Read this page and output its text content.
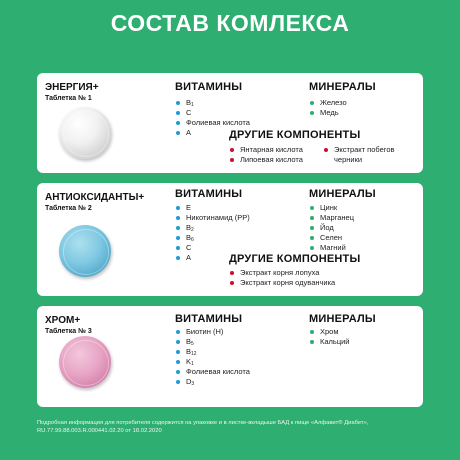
СОСТАВ КОМЛЕКСА
ЭНЕРГИЯ+
Таблетка № 1
ВИТАМИНЫ
$B_1$
C
Фолиевая кислота
A
МИНЕРАЛЫ
Железо
Медь
ДРУГИЕ КОМПОНЕНТЫ
Янтарная кислота
Липоевая кислота
Экстракт побегов
черники
АНТИОКСИДАНТЫ+
Таблетка № 2
ВИТАМИНЫ
E
Никотинамид (PP)
$B_2$
$B_6$
C
A
МИНЕРАЛЫ
Цинк
Марганец
Йод
Селен
Магний
ДРУГИЕ КОМПОНЕНТЫ
Экстракт корня лопуха
Экстракт корня одуванчика
ХРОМ+
Таблетка № 3
ВИТАМИНЫ
Биотин (H)
$B_5$
$B_{12}$
$K_1$
Фолиевая кислота
$D_3$
МИНЕРАЛЫ
Хром
Кальций
Подробная информация для потребителя содержится на упаковке и в листке-вкладыше БАД к пище «Алфавит® Диабет»,
RU.77.99.88.003.R.000441.02.20 от 18.02.2020
